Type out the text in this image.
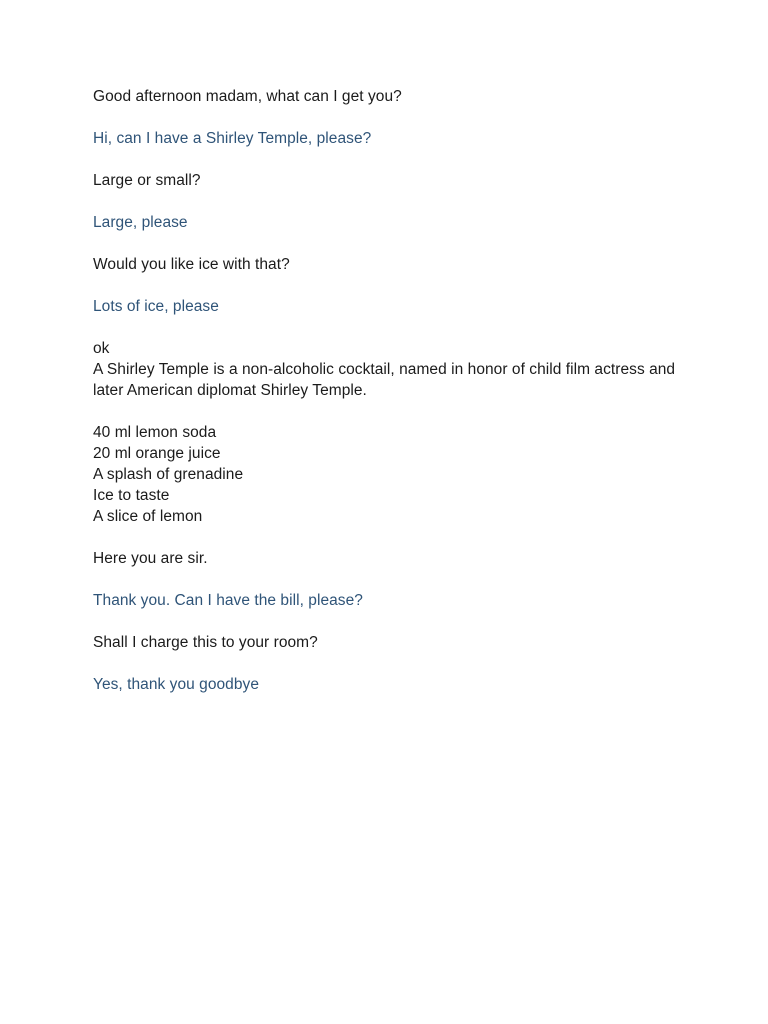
Good afternoon madam, what can I get you?

Hi, can I have a Shirley Temple, please?

Large or small?

Large, please

Would you like ice with that?

Lots of ice, please

ok

A Shirley Temple is a non-alcoholic cocktail, named in honor of child film actress and later American diplomat Shirley Temple.

40 ml lemon soda

20 ml orange juice

A splash of grenadine

Ice to taste

A slice of lemon

Here you are sir.

Thank you. Can I have the bill, please?

Shall I charge this to your room?

Yes, thank you goodbye
